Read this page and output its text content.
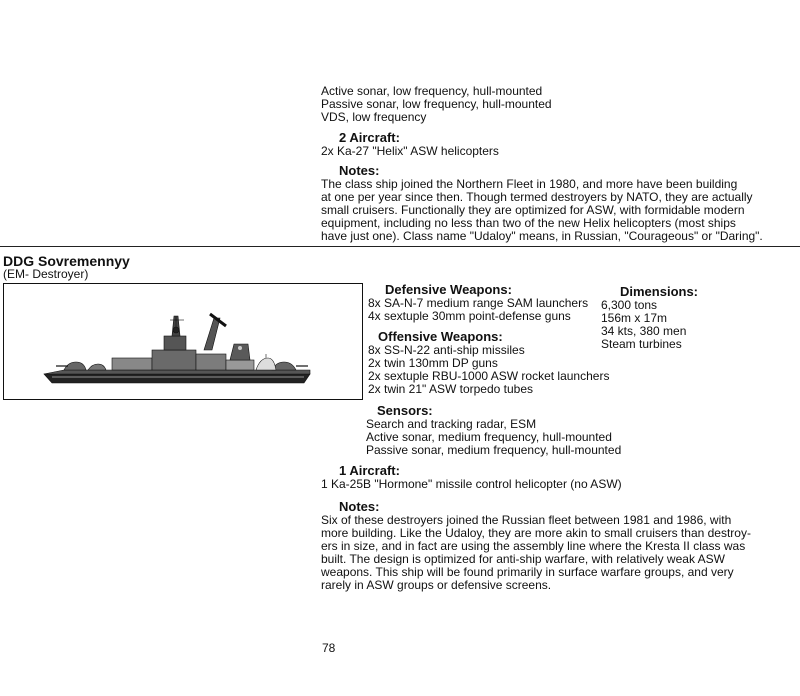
Active sonar, low frequency, hull-mounted
Passive sonar, low frequency, hull-mounted
VDS, low frequency
2 Aircraft:
2x Ka-27 "Helix" ASW helicopters
Notes:
The class ship joined the Northern Fleet in 1980, and more have been building
at one per year since then. Though termed destroyers by NATO, they are actually
small cruisers. Functionally they are optimized for ASW, with formidable modern
equipment, including no less than two of the new Helix helicopters (most ships
have just one). Class name "Udaloy" means, in Russian, "Courageous" or "Daring".
DDG Sovremennyy
(EM- Destroyer)
Defensive Weapons:
8x SA-N-7 medium range SAM launchers
4x sextuple 30mm point-defense guns
Dimensions:
6,300 tons
156m x 17m
34 kts, 380 men
Steam turbines
Offensive Weapons:
8x SS-N-22 anti-ship missiles
2x twin 130mm DP guns
2x sextuple RBU-1000 ASW rocket launchers
2x twin 21" ASW torpedo tubes
Sensors:
Search and tracking radar, ESM
Active sonar, medium frequency, hull-mounted
Passive sonar, medium frequency, hull-mounted
1 Aircraft:
1 Ka-25B "Hormone" missile control helicopter (no ASW)
Notes:
Six of these destroyers joined the Russian fleet between 1981 and 1986, with
more building. Like the Udaloy, they are more akin to small cruisers than destroy-
ers in size, and in fact are using the assembly line where the Kresta II class was
built. The design is optimized for anti-ship warfare, with relatively weak ASW
weapons. This ship will be found primarily in surface warfare groups, and very
rarely in ASW groups or defensive screens.
78
